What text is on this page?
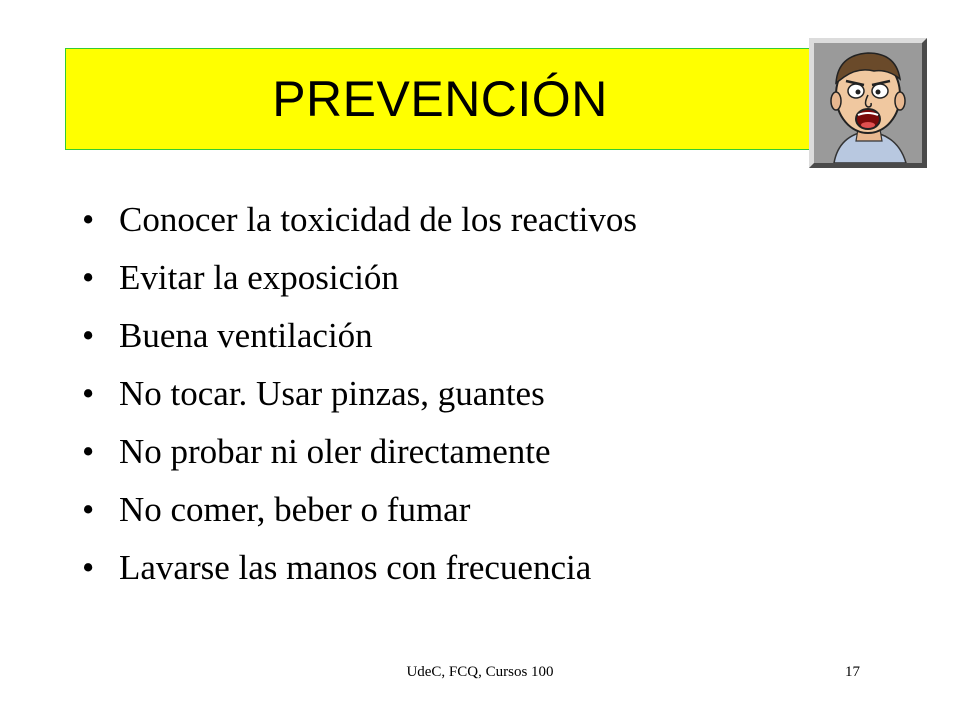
PREVENCIÓN
• Conocer la toxicidad de los reactivos
• Evitar la exposición
• Buena ventilación
• No tocar. Usar pinzas, guantes
• No probar ni oler directamente
• No comer, beber o fumar
• Lavarse las manos con frecuencia
UdeC, FCQ, Cursos 100	17
